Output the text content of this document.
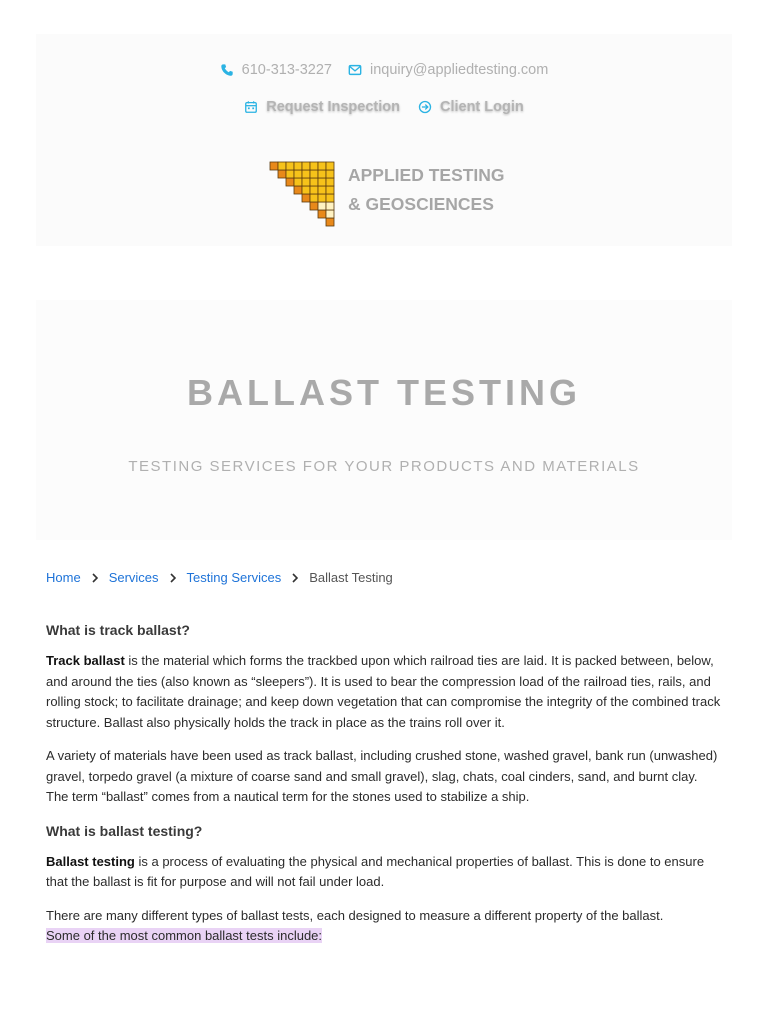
610-313-3227	inquiry@appliedtesting.com
Request Inspection	Client Login
APPLIED TESTING
& GEOSCIENCES
BALLAST TESTING
TESTING SERVICES FOR YOUR PRODUCTS AND MATERIALS
Home Services Testing Services Ballast Testing
What is track ballast?

Track ballast is the material which forms the trackbed upon which railroad ties are laid. It is packed between, below, and around the ties (also known as “sleepers”). It is used to bear the compression load of the railroad ties, rails, and rolling stock; to facilitate drainage; and keep down vegetation that can compromise the integrity of the combined track structure. Ballast also physically holds the track in place as the trains roll over it.

A variety of materials have been used as track ballast, including crushed stone, washed gravel, bank run (unwashed) gravel, torpedo gravel (a mixture of coarse sand and small gravel), slag, chats, coal cinders, sand, and burnt clay. The term “ballast” comes from a nautical term for the stones used to stabilize a ship.

What is ballast testing?

Ballast testing is a process of evaluating the physical and mechanical properties of ballast. This is done to ensure that the ballast is fit for purpose and will not fail under load.

There are many different types of ballast tests, each designed to measure a different property of the ballast.
Some of the most common ballast tests include:
